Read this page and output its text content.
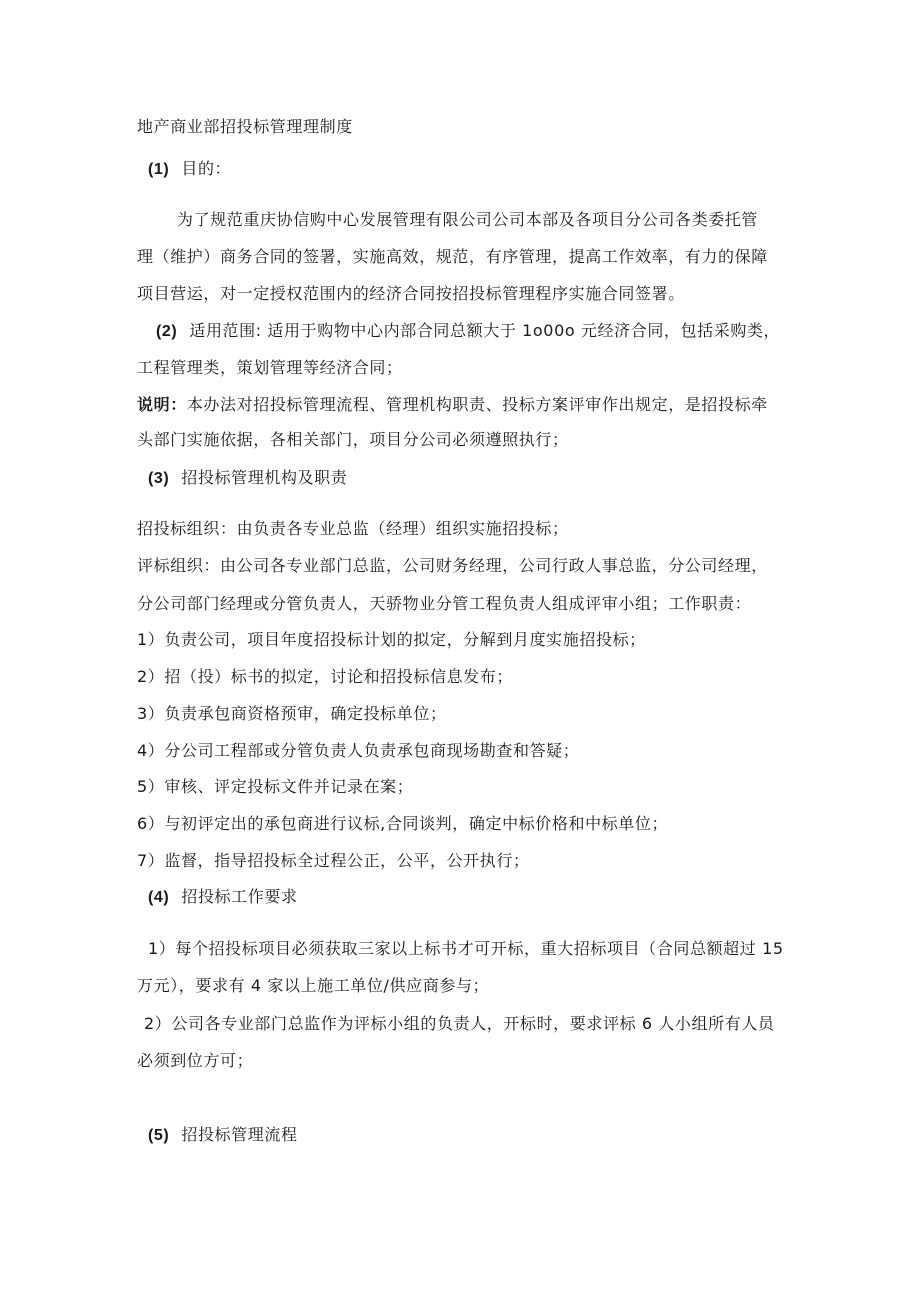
地产商业部招投标管理理制度
(1) 目的：
为了规范重庆协信购中心发展管理有限公司公司本部及各项目分公司各类委托管
理（维护）商务合同的签署，实施高效，规范，有序管理，提高工作效率，有力的保障
项目营运，对一定授权范围内的经济合同按招投标管理程序实施合同签署。
(2) 适用范围: 适用于购物中心内部合同总额大于 1o00o 元经济合同，包括采购类，
工程管理类，策划管理等经济合同；
说明：本办法对招投标管理流程、管理机构职责、投标方案评审作出规定，是招投标牵
头部门实施依据，各相关部门，项目分公司必须遵照执行；
(3) 招投标管理机构及职责
招投标组织：由负责各专业总监（经理）组织实施招投标；
评标组织：由公司各专业部门总监，公司财务经理，公司行政人事总监，分公司经理，
分公司部门经理或分管负责人，天骄物业分管工程负责人组成评审小组；工作职责：
1）负责公司，项目年度招投标计划的拟定，分解到月度实施招投标；
2）招（投）标书的拟定，讨论和招投标信息发布；
3）负责承包商资格预审，确定投标单位；
4）分公司工程部或分管负责人负责承包商现场勘查和答疑；
5）审核、评定投标文件并记录在案；
6）与初评定出的承包商进行议标,合同谈判，确定中标价格和中标单位；
7）监督，指导招投标全过程公正，公平，公开执行；
(4) 招投标工作要求
1）每个招投标项目必须获取三家以上标书才可开标，重大招标项目（合同总额超过 15
万元），要求有 4 家以上施工单位/供应商参与；
2）公司各专业部门总监作为评标小组的负责人，开标时，要求评标 6 人小组所有人员
必须到位方可；
(5) 招投标管理流程
